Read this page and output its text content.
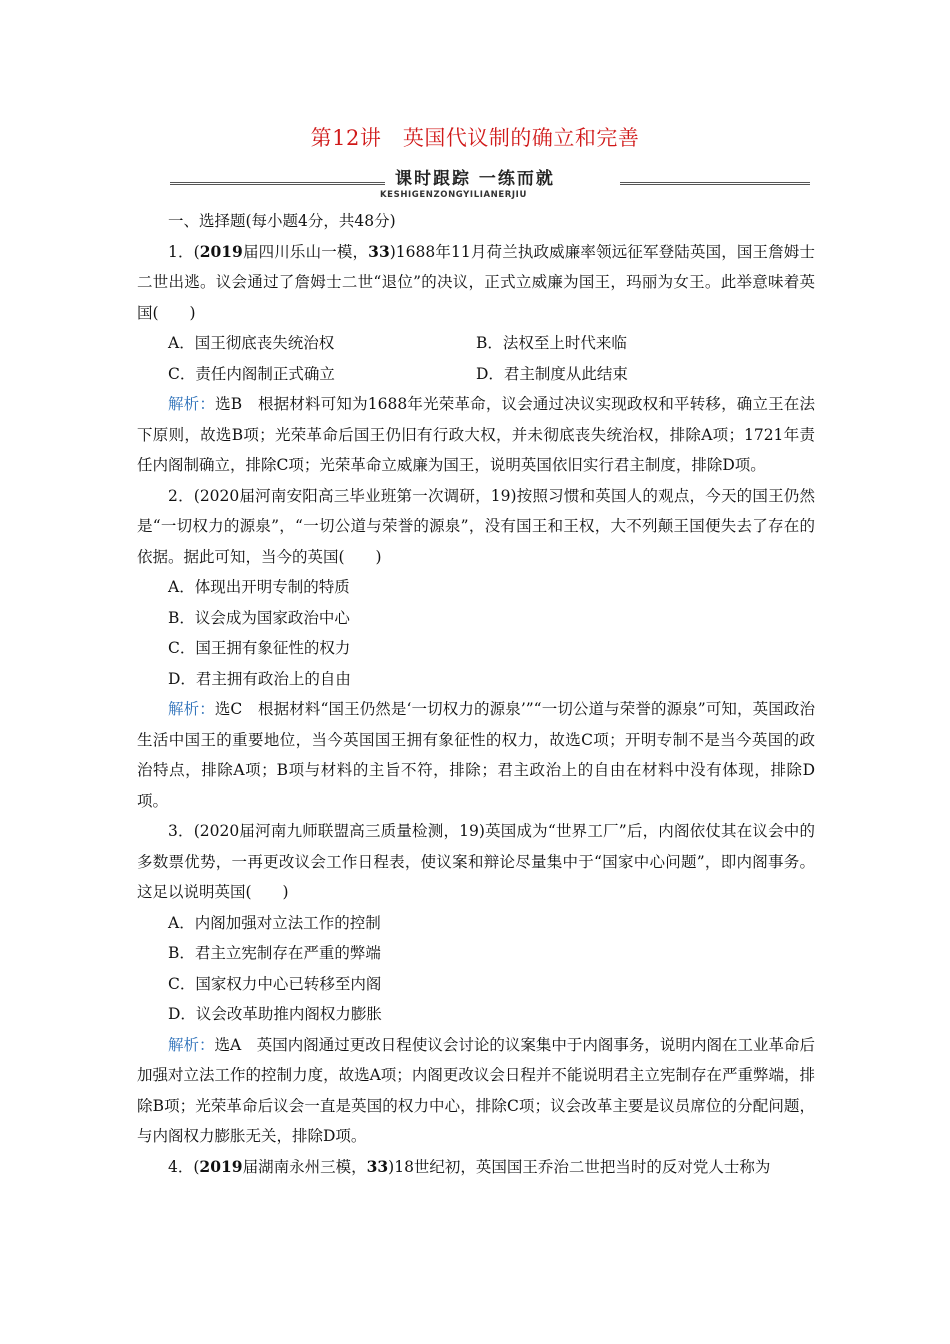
第12讲　英国代议制的确立和完善
课时跟踪 一练而就
KESHIGENZONGYILIANERJIU

一、选择题(每小题4分，共48分)

1．(2019届四川乐山一模，33)1688年11月荷兰执政威廉率领远征军登陆英国，国王詹姆士二世出逃。议会通过了詹姆士二世“退位”的决议，正式立威廉为国王，玛丽为女王。此举意味着英国(　　)

A．国王彻底丧失统治权	B．法权至上时代来临
C．责任内阁制正式确立	D．君主制度从此结束

解析：选B　根据材料可知为1688年光荣革命，议会通过决议实现政权和平转移，确立王在法下原则，故选B项；光荣革命后国王仍旧有行政大权，并未彻底丧失统治权，排除A项；1721年责任内阁制确立，排除C项；光荣革命立威廉为国王，说明英国依旧实行君主制度，排除D项。

2．(2020届河南安阳高三毕业班第一次调研，19)按照习惯和英国人的观点，今天的国王仍然是“一切权力的源泉”，“一切公道与荣誉的源泉”，没有国王和王权，大不列颠王国便失去了存在的依据。据此可知，当今的英国(　　)

A．体现出开明专制的特质

B．议会成为国家政治中心

C．国王拥有象征性的权力

D．君主拥有政治上的自由

解析：选C　根据材料“国王仍然是‘一切权力的源泉’”“一切公道与荣誉的源泉”可知，英国政治生活中国王的重要地位，当今英国国王拥有象征性的权力，故选C项；开明专制不是当今英国的政治特点，排除A项；B项与材料的主旨不符，排除；君主政治上的自由在材料中没有体现，排除D项。

3．(2020届河南九师联盟高三质量检测，19)英国成为“世界工厂”后，内阁依仗其在议会中的多数票优势，一再更改议会工作日程表，使议案和辩论尽量集中于“国家中心问题”，即内阁事务。这足以说明英国(　　)

A．内阁加强对立法工作的控制

B．君主立宪制存在严重的弊端

C．国家权力中心已转移至内阁

D．议会改革助推内阁权力膨胀

解析：选A　英国内阁通过更改日程使议会讨论的议案集中于内阁事务，说明内阁在工业革命后加强对立法工作的控制力度，故选A项；内阁更改议会日程并不能说明君主立宪制存在严重弊端，排除B项；光荣革命后议会一直是英国的权力中心，排除C项；议会改革主要是议员席位的分配问题，与内阁权力膨胀无关，排除D项。

4．(2019届湖南永州三模，33)18世纪初，英国国王乔治二世把当时的反对党人士称为
